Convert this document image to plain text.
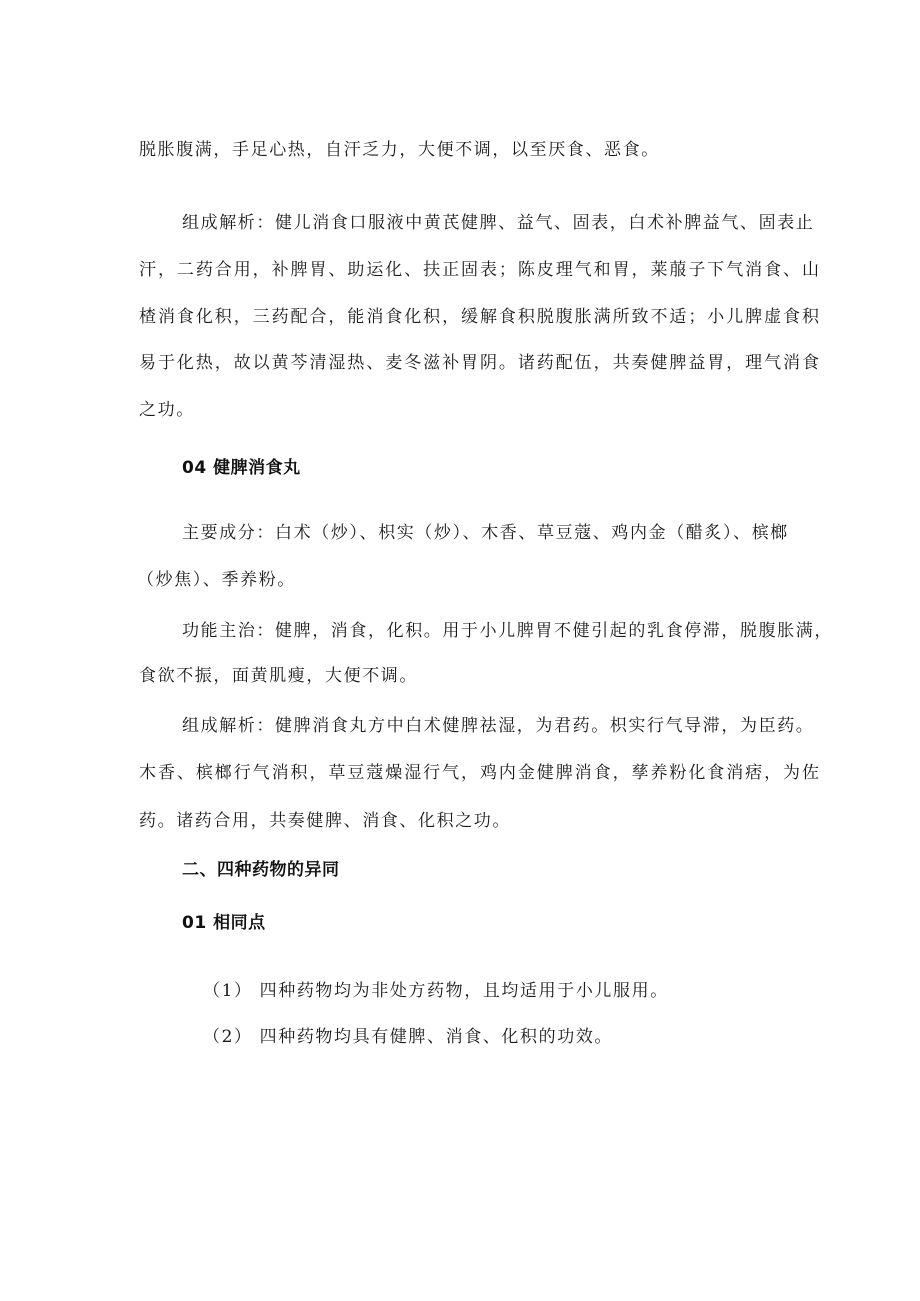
脱胀腹满，手足心热，自汗乏力，大便不调，以至厌食、恶食。
组成解析：健儿消食口服液中黄芪健脾、益气、固表，白术补脾益气、固表止
汗，二药合用，补脾胃、助运化、扶正固表；陈皮理气和胃，莱菔子下气消食、山
楂消食化积，三药配合，能消食化积，缓解食积脱腹胀满所致不适；小儿脾虚食积
易于化热，故以黄芩清湿热、麦冬滋补胃阴。诸药配伍，共奏健脾益胃，理气消食
之功。
04 健脾消食丸
主要成分：白术（炒）、枳实（炒）、木香、草豆蔻、鸡内金（醋炙）、槟榔
（炒焦）、季养粉。
功能主治：健脾，消食，化积。用于小儿脾胃不健引起的乳食停滞，脱腹胀满，
食欲不振，面黄肌瘦，大便不调。
组成解析：健脾消食丸方中白术健脾祛湿，为君药。枳实行气导滞，为臣药。
木香、槟榔行气消积，草豆蔻燥湿行气，鸡内金健脾消食，孳养粉化食消痞，为佐
药。诸药合用，共奏健脾、消食、化积之功。
二、四种药物的异同
01 相同点
（1） 四种药物均为非处方药物，且均适用于小儿服用。
（2） 四种药物均具有健脾、消食、化积的功效。
